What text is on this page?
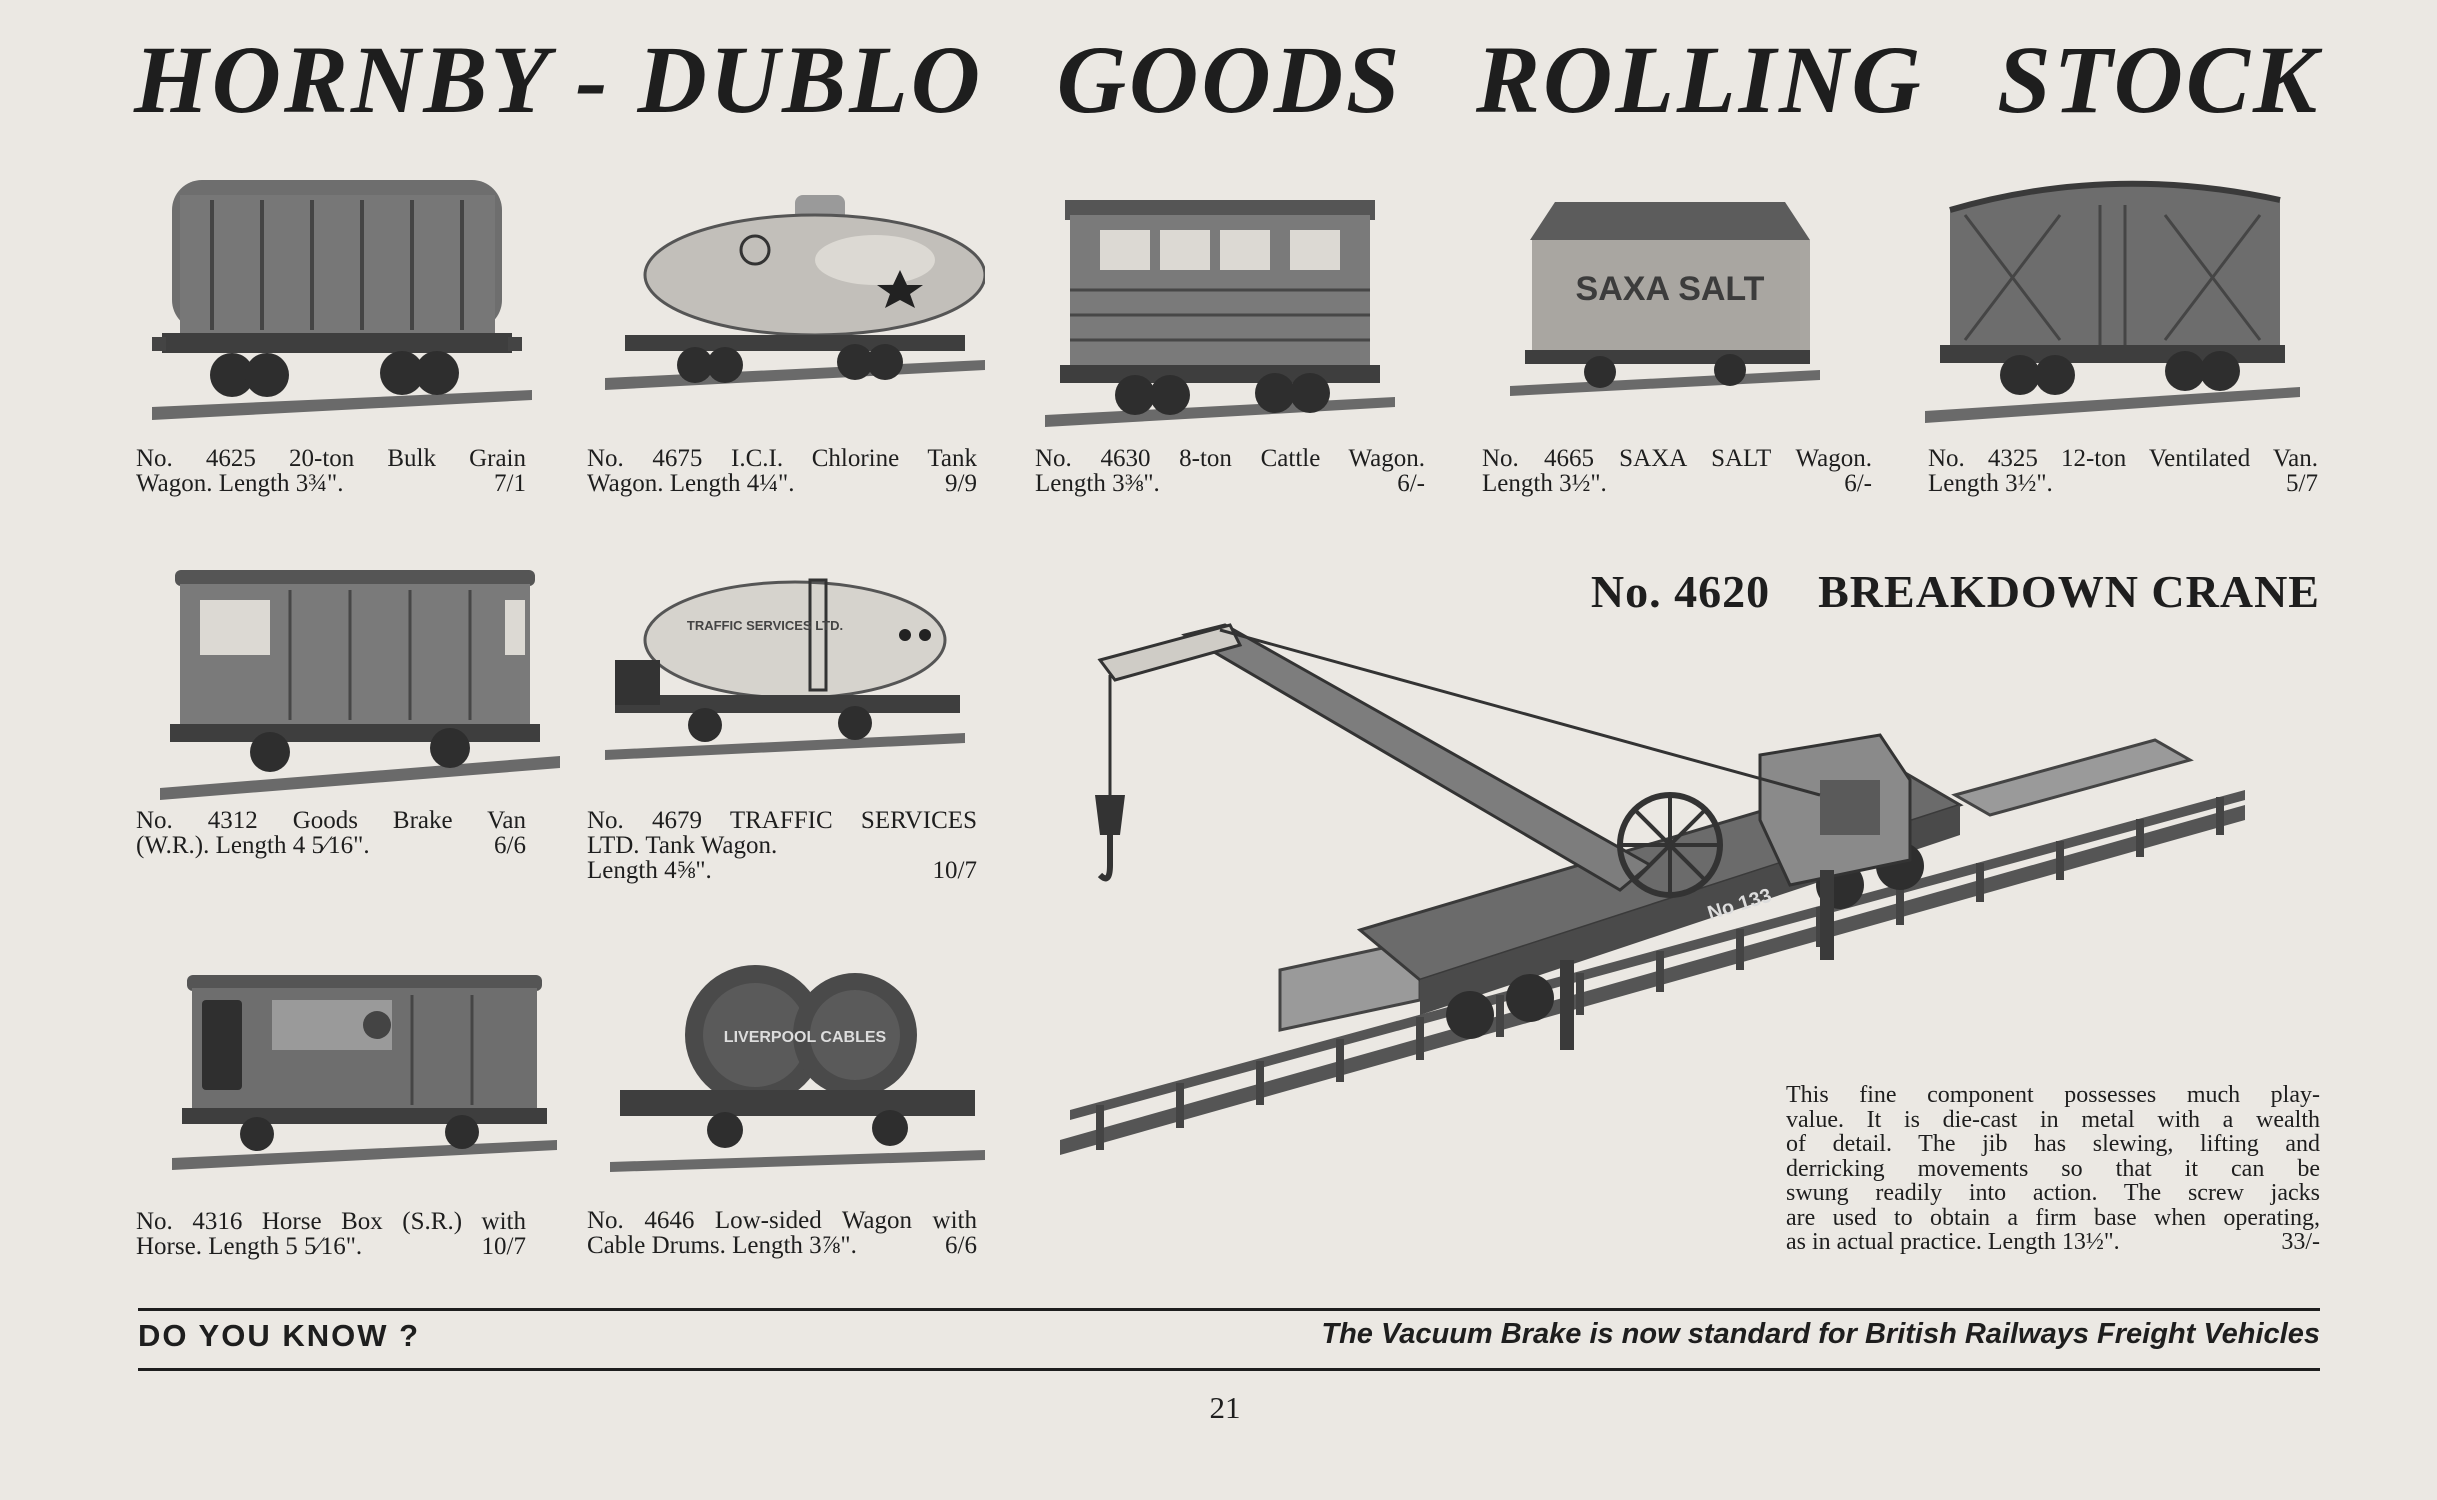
HORNBY - DUBLO GOODS ROLLING STOCK
No. 4625 20-ton Bulk Grain
Wagon. Length 3¾".	7/1
No. 4675 I.C.I. Chlorine Tank
Wagon. Length 4¼".	9/9
No. 4630 8-ton Cattle Wagon.
Length 3⅜".	6/-
SAXA SALT
No. 4665 SAXA SALT Wagon.
Length 3½".	6/-
No. 4325 12-ton Ventilated Van.
Length 3½".	5/7
No. 4312 Goods Brake Van
(W.R.). Length 4 5⁄16".	6/6
TRAFFIC SERVICES LTD.
No. 4679 TRAFFIC SERVICES
LTD. Tank Wagon.
Length 4⅝".	10/7
No. 4316 Horse Box (S.R.) with
Horse. Length 5 5⁄16".	10/7
LIVERPOOL CABLES
No. 4646 Low-sided Wagon with
Cable Drums. Length 3⅞".	6/6
No. 4620 BREAKDOWN CRANE
No 133
This fine component possesses much play-
value. It is die-cast in metal with a wealth
of detail. The jib has slewing, lifting and
derricking movements so that it can be
swung readily into action. The screw jacks
are used to obtain a firm base when operating,
as in actual practice. Length 13½".	33/-
DO YOU KNOW ?	The Vacuum Brake is now standard for British Railways Freight Vehicles
21
